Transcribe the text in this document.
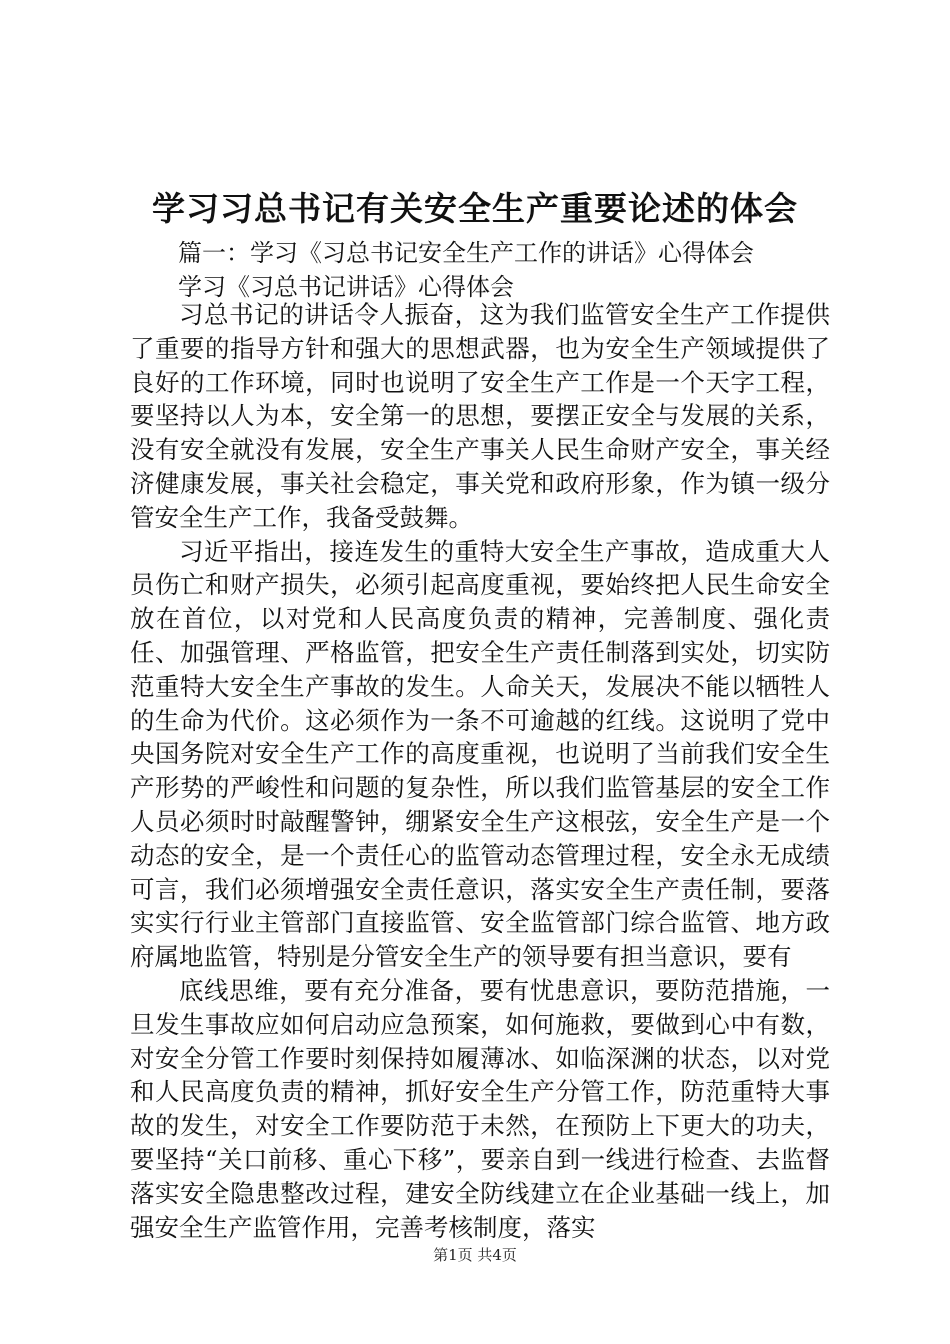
学习习总书记有关安全生产重要论述的体会
篇一：学习《习总书记安全生产工作的讲话》心得体会
学习《习总书记讲话》心得体会

习总书记的讲话令人振奋，这为我们监管安全生产工作提供了重要的指导方针和强大的思想武器，也为安全生产领域提供了良好的工作环境，同时也说明了安全生产工作是一个天字工程，要坚持以人为本，安全第一的思想，要摆正安全与发展的关系，没有安全就没有发展，安全生产事关人民生命财产安全，事关经济健康发展，事关社会稳定，事关党和政府形象，作为镇一级分管安全生产工作，我备受鼓舞。

习近平指出，接连发生的重特大安全生产事故，造成重大人员伤亡和财产损失，必须引起高度重视，要始终把人民生命安全放在首位，以对党和人民高度负责的精神，完善制度、强化责任、加强管理、严格监管，把安全生产责任制落到实处，切实防范重特大安全生产事故的发生。人命关天，发展决不能以牺牲人的生命为代价。这必须作为一条不可逾越的红线。这说明了党中央国务院对安全生产工作的高度重视，也说明了当前我们安全生产形势的严峻性和问题的复杂性，所以我们监管基层的安全工作人员必须时时敲醒警钟，绷紧安全生产这根弦，安全生产是一个动态的安全，是一个责任心的监管动态管理过程，安全永无成绩可言，我们必须增强安全责任意识，落实安全生产责任制，要落实实行行业主管部门直接监管、安全监管部门综合监管、地方政府属地监管，特别是分管安全生产的领导要有担当意识，要有

底线思维，要有充分准备，要有忧患意识，要防范措施，一旦发生事故应如何启动应急预案，如何施救，要做到心中有数，对安全分管工作要时刻保持如履薄冰、如临深渊的状态，以对党和人民高度负责的精神，抓好安全生产分管工作，防范重特大事故的发生，对安全工作要防范于未然，在预防上下更大的功夫，要坚持“关口前移、重心下移”，要亲自到一线进行检查、去监督落实安全隐患整改过程，建安全防线建立在企业基础一线上，加强安全生产监管作用，完善考核制度，落实

第1页 共4页
